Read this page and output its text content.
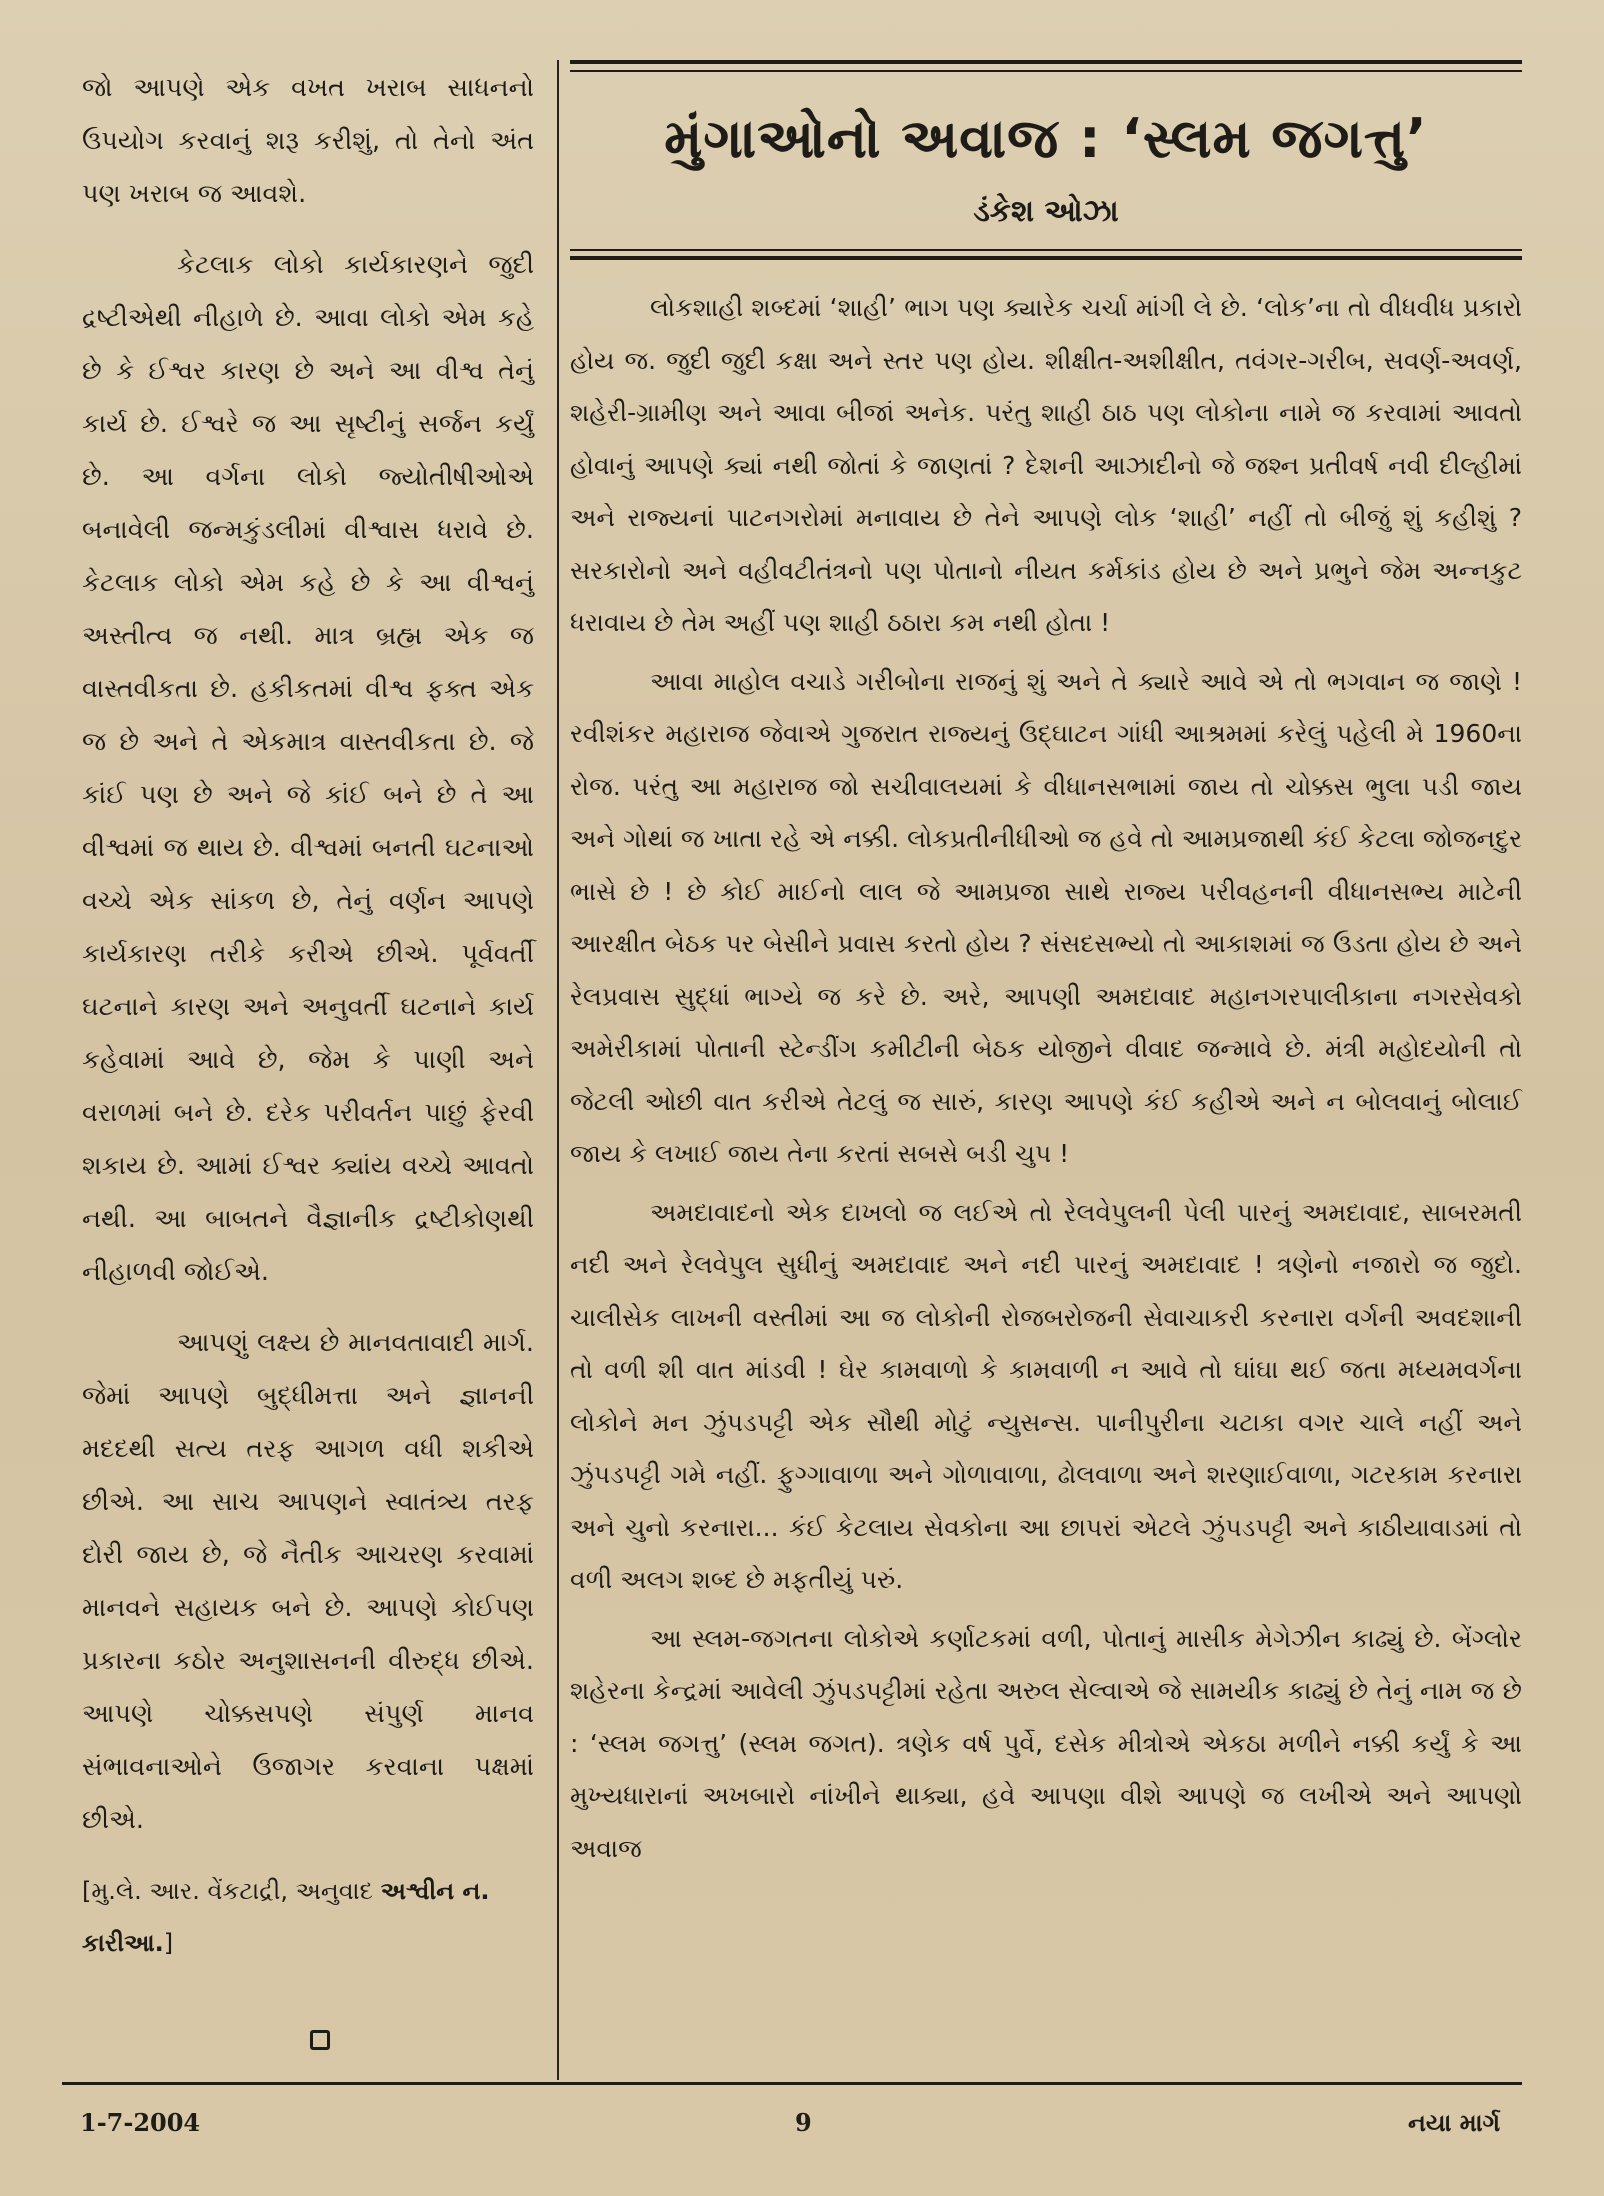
જો આપણે એક વખત ખરાબ સાધનનો ઉપયોગ કરવાનું શરૂ કરીશું, તો તેનો અંત પણ ખરાબ જ આવશે.

કેટલાક લોકો કાર્યકારણને જુદી દ્રષ્ટીએથી નીહાળે છે. આવા લોકો એમ કહે છે કે ઈશ્વર કારણ છે અને આ વીશ્વ તેનું કાર્ય છે. ઈશ્વરે જ આ સૃષ્ટીનું સર્જન કર્યું છે. આ વર્ગના લોકો જ્યોતીષીઓએ બનાવેલી જન્મકુંડલીમાં વીશ્વાસ ધરાવે છે. કેટલાક લોકો એમ કહે છે કે આ વીશ્વનું અસ્તીત્વ જ નથી. માત્ર બ્રહ્મ એક જ વાસ્તવીકતા છે. હકીકતમાં વીશ્વ ફક્ત એક જ છે અને તે એકમાત્ર વાસ્તવીકતા છે. જે કાંઈ પણ છે અને જે કાંઈ બને છે તે આ વીશ્વમાં જ થાય છે. વીશ્વમાં બનતી ઘટનાઓ વચ્ચે એક સાંકળ છે, તેનું વર્ણન આપણે કાર્યકારણ તરીકે કરીએ છીએ. પૂર્વવર્તી ઘટનાને કારણ અને અનુવર્તી ઘટનાને કાર્ય કહેવામાં આવે છે, જેમ કે પાણી અને વરાળમાં બને છે. દરેક પરીવર્તન પાછું ફેરવી શકાય છે. આમાં ઈશ્વર ક્યાંય વચ્ચે આવતો નથી. આ બાબતને વૈજ્ઞાનીક દ્રષ્ટીકોણથી નીહાળવી જોઈએ.

આપણું લક્ષ્ય છે માનવતાવાદી માર્ગ. જેમાં આપણે બુદ્ધીમત્તા અને જ્ઞાનની મદદથી સત્ય તરફ આગળ વધી શકીએ છીએ. આ સાચ આપણને સ્વાતંત્ર્ય તરફ દોરી જાય છે, જે નૈતીક આચરણ કરવામાં માનવને સહાયક બને છે. આપણે કોઈપણ પ્રકારના કઠોર અનુશાસનની વીરુદ્ધ છીએ. આપણે ચોક્કસપણે સંપુર્ણ માનવ સંભાવનાઓને ઉજાગર કરવાના પક્ષમાં છીએ.

[મુ.લે. આર. વેંકટાદ્રી, અનુવાદ અશ્વીન ન. કારીઆ.]
મુંગાઓનો અવાજ : ‘સ્લમ જગત્તુ’
ડંકેશ ઓઝા

લોકશાહી શબ્દમાં ‘શાહી’ ભાગ પણ ક્યારેક ચર્ચા માંગી લે છે. ‘લોક’ના તો વીધવીધ પ્રકારો હોય જ. જુદી જુદી કક્ષા અને સ્તર પણ હોય. શીક્ષીત-અશીક્ષીત, તવંગર-ગરીબ, સવર્ણ-અવર્ણ, શહેરી-ગ્રામીણ અને આવા બીજાં અનેક. પરંતુ શાહી ઠાઠ પણ લોકોના નામે જ કરવામાં આવતો હોવાનું આપણે ક્યાં નથી જોતાં કે જાણતાં ? દેશની આઝાદીનો જે જશ્ન પ્રતીવર્ષ નવી દીલ્હીમાં અને રાજ્યનાં પાટનગરોમાં મનાવાય છે તેને આપણે લોક ‘શાહી’ નહીં તો બીજું શું કહીશું ? સરકારોનો અને વહીવટીતંત્રનો પણ પોતાનો નીયત કર્મકાંડ હોય છે અને પ્રભુને જેમ અન્નકુટ ધરાવાય છે તેમ અહીં પણ શાહી ઠઠારા કમ નથી હોતા !

આવા માહોલ વચાડે ગરીબોના રાજનું શું અને તે ક્યારે આવે એ તો ભગવાન જ જાણે ! રવીશંકર મહારાજ જેવાએ ગુજરાત રાજ્યનું ઉદ્ઘાટન ગાંધી આશ્રમમાં કરેલું પહેલી મે 1960ના રોજ. પરંતુ આ મહારાજ જો સચીવાલયમાં કે વીધાનસભામાં જાય તો ચોક્કસ ભુલા પડી જાય અને ગોથાં જ ખાતા રહે એ નક્કી. લોકપ્રતીનીધીઓ જ હવે તો આમપ્રજાથી કંઈ કેટલા જોજનદુર ભાસે છે ! છે કોઈ માઈનો લાલ જે આમપ્રજા સાથે રાજ્ય પરીવહનની વીધાનસભ્ય માટેની આરક્ષીત બેઠક પર બેસીને પ્રવાસ કરતો હોય ? સંસદસભ્યો તો આકાશમાં જ ઉડતા હોય છે અને રેલપ્રવાસ સુદ્ધાં ભાગ્યે જ કરે છે. અરે, આપણી અમદાવાદ મહાનગરપાલીકાના નગરસેવકો અમેરીકામાં પોતાની સ્ટેન્ડીંગ કમીટીની બેઠક યોજીને વીવાદ જન્માવે છે. મંત્રી મહોદયોની તો જેટલી ઓછી વાત કરીએ તેટલું જ સારું, કારણ આપણે કંઈ કહીએ અને ન બોલવાનું બોલાઈ જાય કે લખાઈ જાય તેના કરતાં સબસે બડી ચુપ !

અમદાવાદનો એક દાખલો જ લઈએ તો રેલવેપુલની પેલી પારનું અમદાવાદ, સાબરમતી નદી અને રેલવેપુલ સુધીનું અમદાવાદ અને નદી પારનું અમદાવાદ ! ત્રણેનો નજારો જ જુદો. ચાલીસેક લાખની વસ્તીમાં આ જ લોકોની રોજબરોજની સેવાચાકરી કરનારા વર્ગની અવદશાની તો વળી શી વાત માંડવી ! ઘેર કામવાળો કે કામવાળી ન આવે તો ઘાંઘા થઈ જતા મધ્યમવર્ગના લોકોને મન ઝુંપડપટ્ટી એક સૌથી મોટું ન્યુસન્સ. પાનીપુરીના ચટાકા વગર ચાલે નહીં અને ઝુંપડપટ્ટી ગમે નહીં. ફુગ્ગાવાળા અને ગોળાવાળા, ઢોલવાળા અને શરણાઈવાળા, ગટરકામ કરનારા અને ચુનો કરનારા... કંઈ કેટલાય સેવકોના આ છાપરાં એટલે ઝુંપડપટ્ટી અને કાઠીયાવાડમાં તો વળી અલગ શબ્દ છે મફતીયું પરું.

આ સ્લમ-જગતના લોકોએ કર્ણાટકમાં વળી, પોતાનું માસીક મેગેઝીન કાઢ્યું છે. બેંગ્લોર શહેરના કેન્દ્રમાં આવેલી ઝુંપડપટ્ટીમાં રહેતા અરુલ સેલ્વાએ જે સામયીક કાઢ્યું છે તેનું નામ જ છે : ‘સ્લમ જગત્તુ’ (સ્લમ જગત). ત્રણેક વર્ષ પુર્વે, દસેક મીત્રોએ એકઠા મળીને નક્કી કર્યું કે આ મુખ્યધારાનાં અખબારો નાંખીને થાક્યા, હવે આપણા વીશે આપણે જ લખીએ અને આપણો અવાજ

1-7-2004	9	નયા માર્ગ
